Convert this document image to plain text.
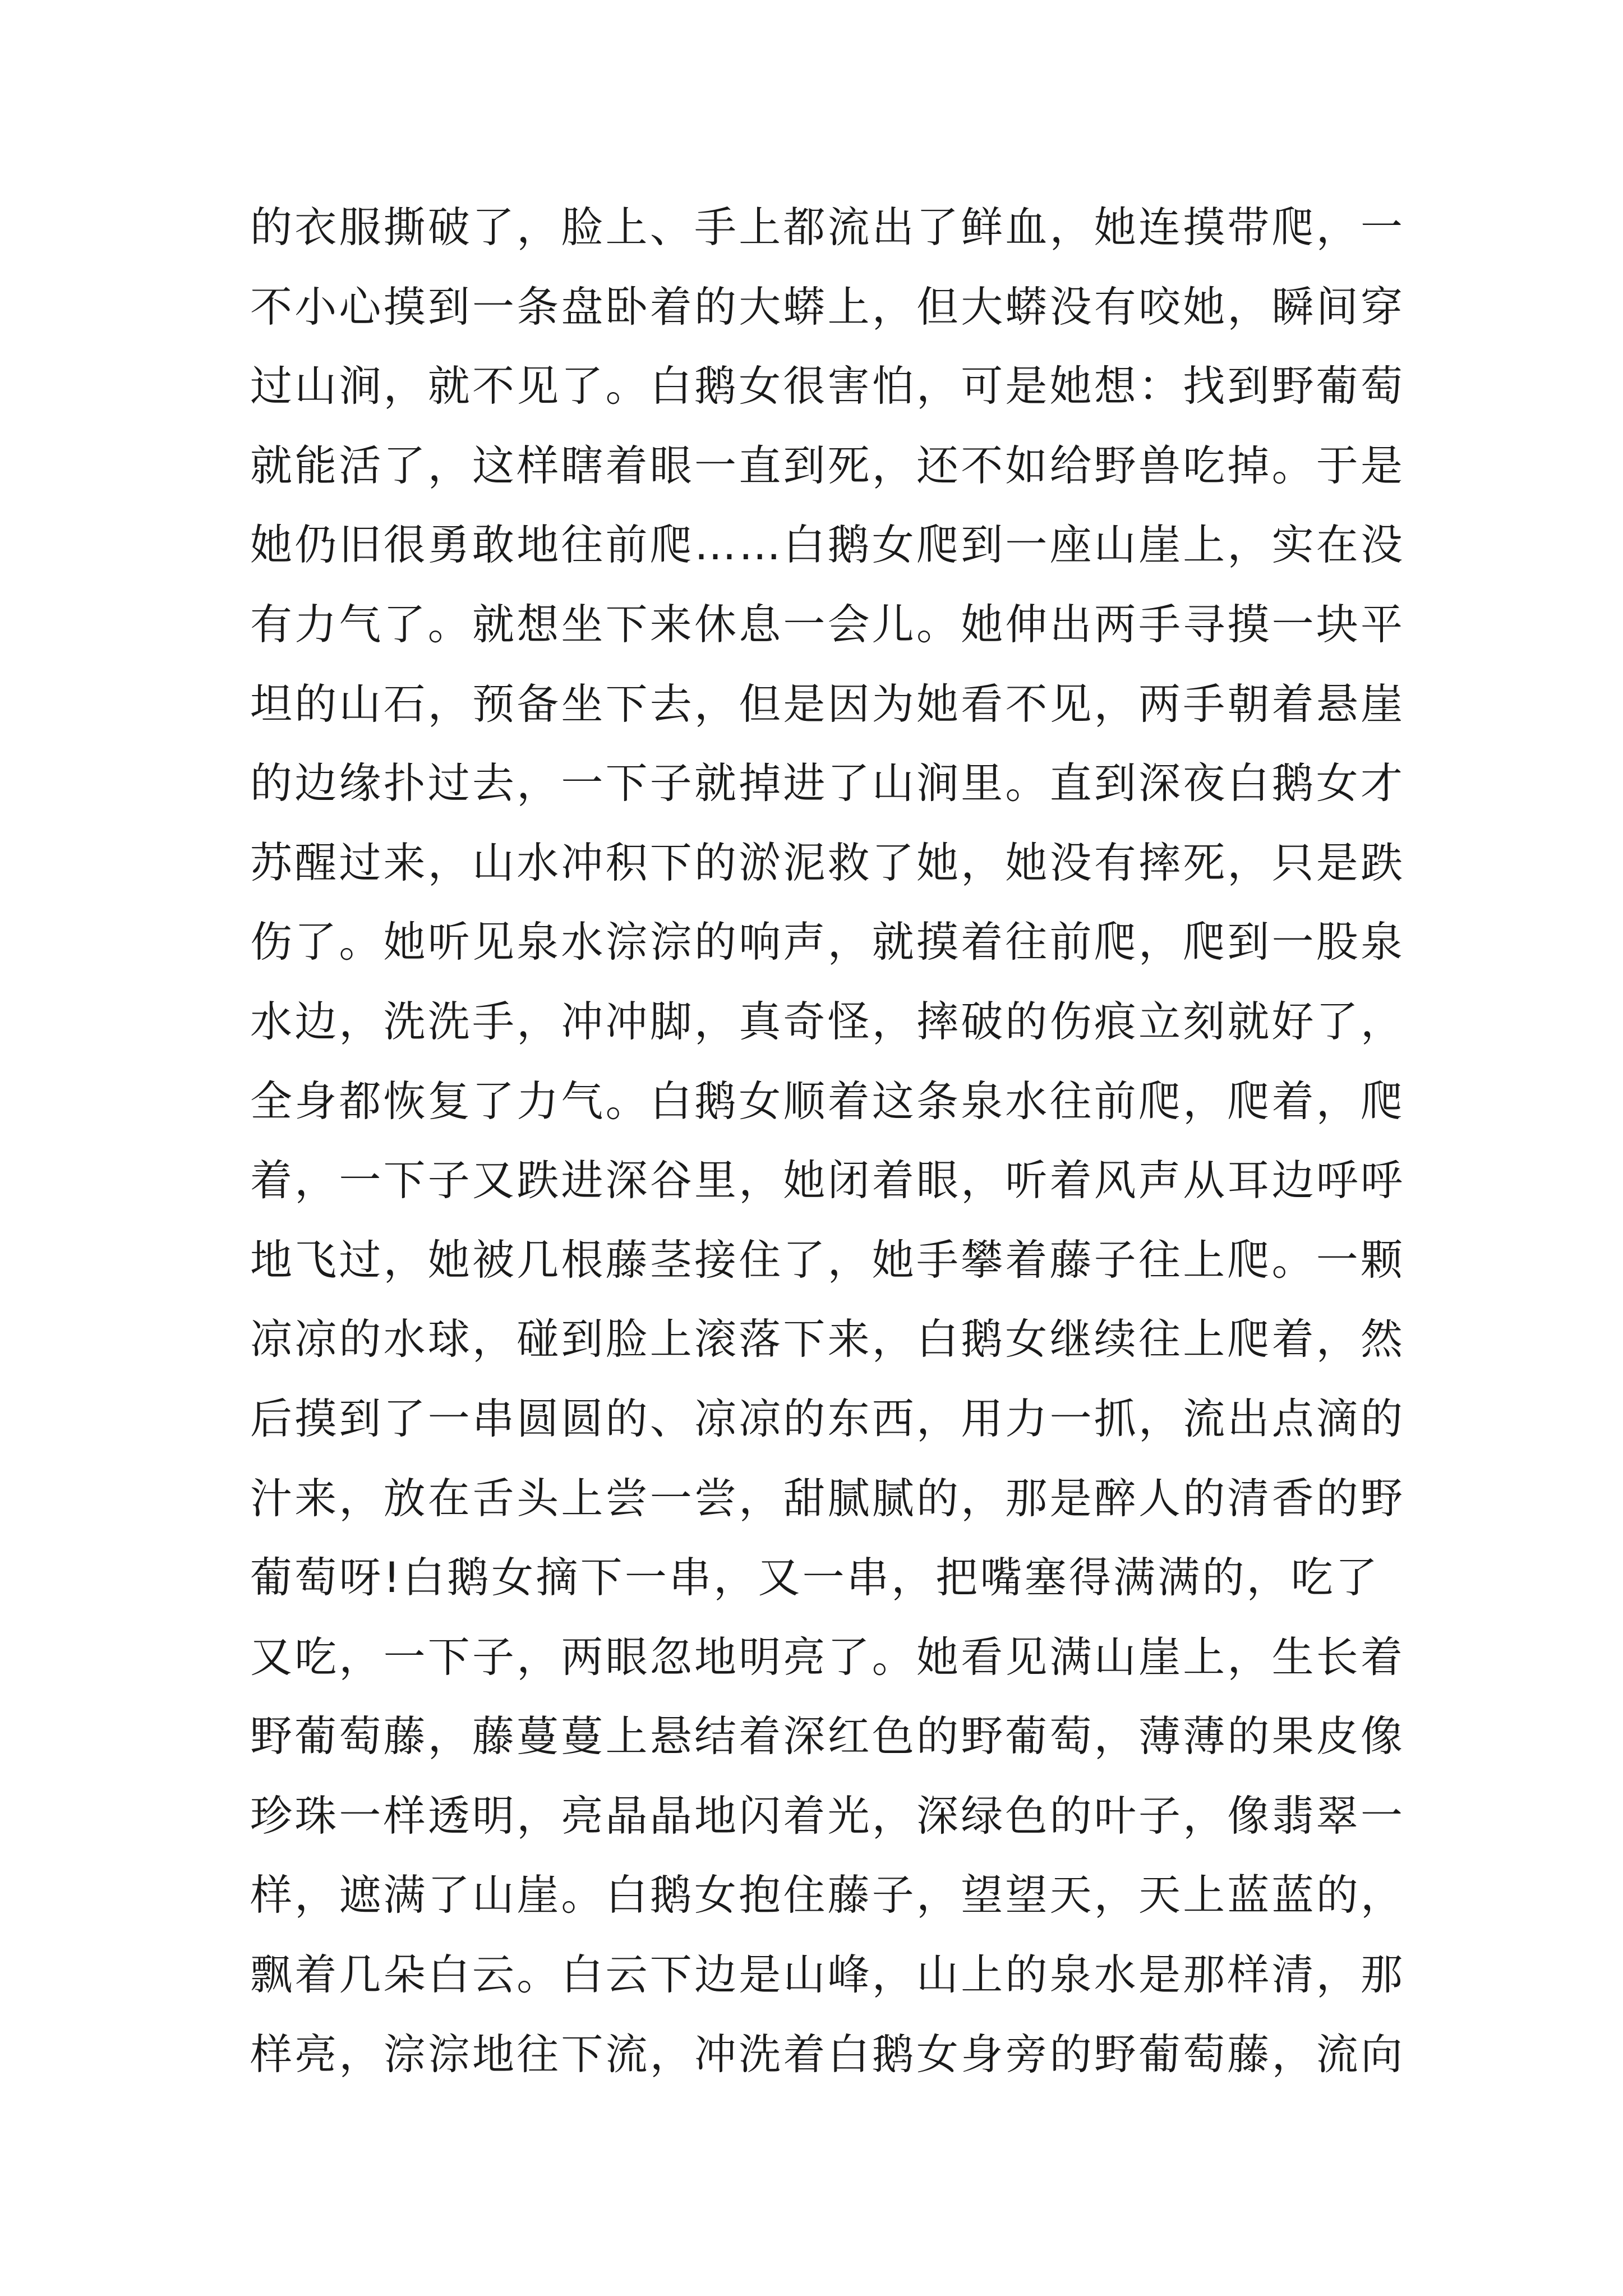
的衣服撕破了，脸上、手上都流出了鲜血，她连摸带爬，一
不小心摸到一条盘卧着的大蟒上，但大蟒没有咬她，瞬间穿
过山涧，就不见了。白鹅女很害怕，可是她想：找到野葡萄
就能活了，这样瞎着眼一直到死，还不如给野兽吃掉。于是
她仍旧很勇敢地往前爬……白鹅女爬到一座山崖上，实在没
有力气了。就想坐下来休息一会儿。她伸出两手寻摸一块平
坦的山石，预备坐下去，但是因为她看不见，两手朝着悬崖
的边缘扑过去，一下子就掉进了山涧里。直到深夜白鹅女才
苏醒过来，山水冲积下的淤泥救了她，她没有摔死，只是跌
伤了。她听见泉水淙淙的响声，就摸着往前爬，爬到一股泉
水边，洗洗手，冲冲脚，真奇怪，摔破的伤痕立刻就好了，
全身都恢复了力气。白鹅女顺着这条泉水往前爬，爬着，爬
着，一下子又跌进深谷里，她闭着眼，听着风声从耳边呼呼
地飞过，她被几根藤茎接住了，她手攀着藤子往上爬。一颗
凉凉的水球，碰到脸上滚落下来，白鹅女继续往上爬着，然
后摸到了一串圆圆的、凉凉的东西，用力一抓，流出点滴的
汁来，放在舌头上尝一尝，甜腻腻的，那是醉人的清香的野
葡萄呀!白鹅女摘下一串，又一串，把嘴塞得满满的，吃了
又吃，一下子，两眼忽地明亮了。她看见满山崖上，生长着
野葡萄藤，藤蔓蔓上悬结着深红色的野葡萄，薄薄的果皮像
珍珠一样透明，亮晶晶地闪着光，深绿色的叶子，像翡翠一
样，遮满了山崖。白鹅女抱住藤子，望望天，天上蓝蓝的，
飘着几朵白云。白云下边是山峰，山上的泉水是那样清，那
样亮，淙淙地往下流，冲洗着白鹅女身旁的野葡萄藤，流向
